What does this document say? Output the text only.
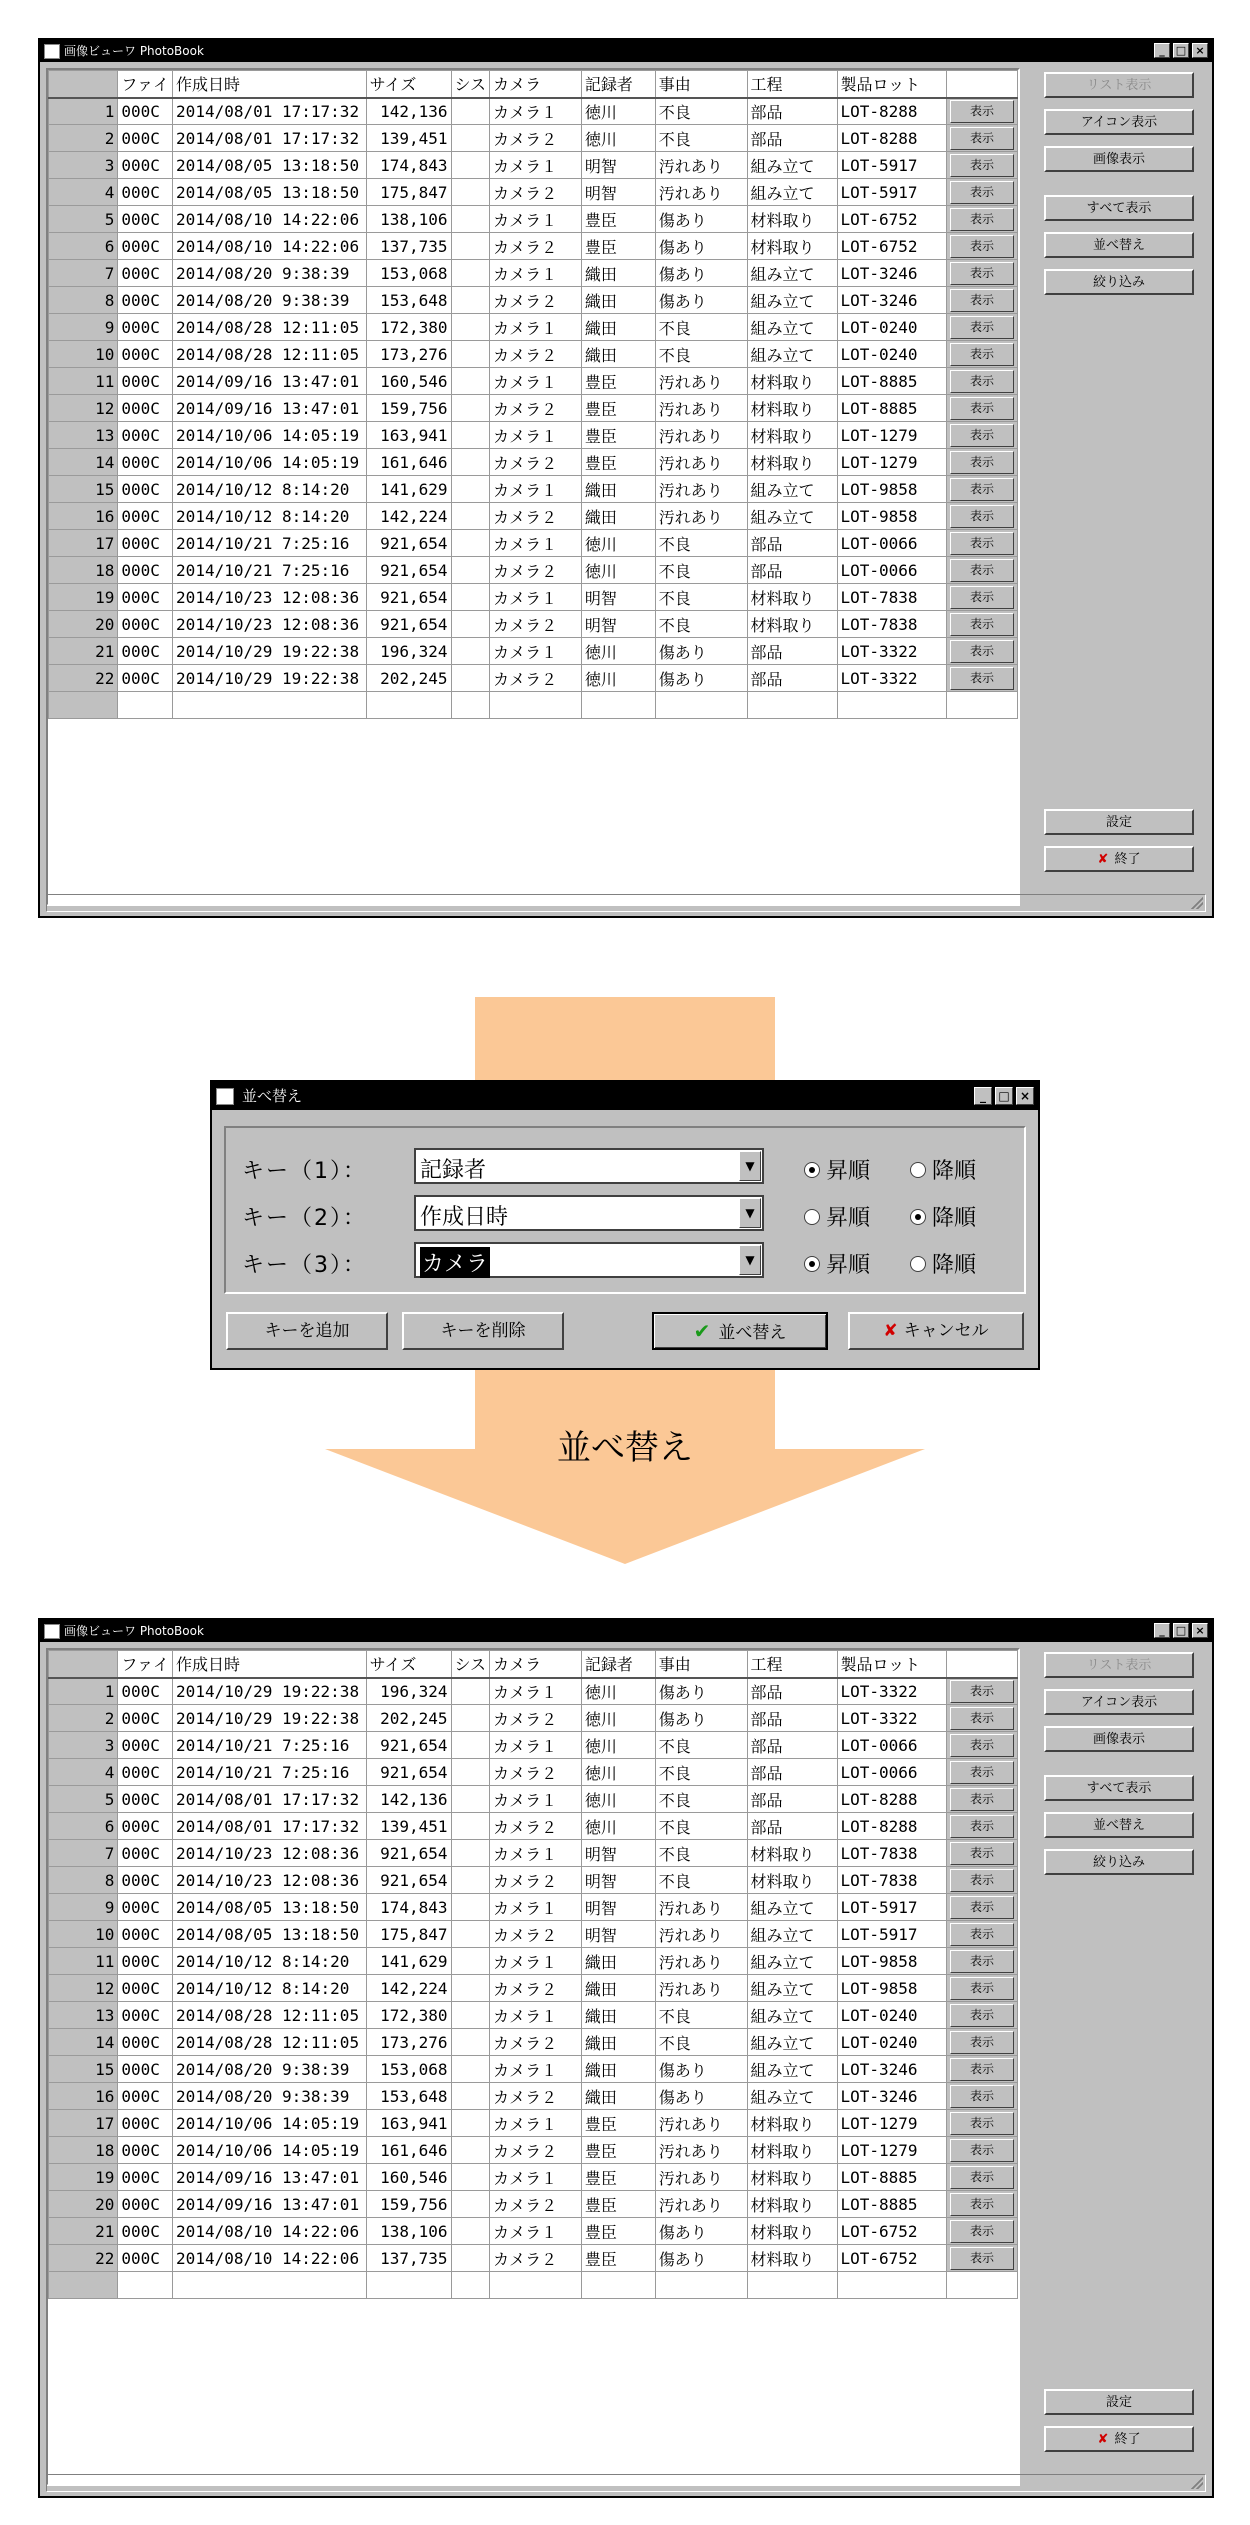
画像ビューワ PhotoBook	_	□ ×
	ファイ	作成日時	サイズ	シス	カメラ	記録者	事由	工程	製品ロット	
1	000C	2014/08/01 17:17:32	142,136		カメラ１	徳川	不良	部品	LOT-8288	表示

2	000C	2014/08/01 17:17:32	139,451		カメラ２	徳川	不良	部品	LOT-8288	表示

3	000C	2014/08/05 13:18:50	174,843		カメラ１	明智	汚れあり	組み立て	LOT-5917	表示

4	000C	2014/08/05 13:18:50	175,847		カメラ２	明智	汚れあり	組み立て	LOT-5917	表示

5	000C	2014/08/10 14:22:06	138,106		カメラ１	豊臣	傷あり	材料取り	LOT-6752	表示

6	000C	2014/08/10 14:22:06	137,735		カメラ２	豊臣	傷あり	材料取り	LOT-6752	表示

7	000C	2014/08/20 9:38:39	153,068		カメラ１	織田	傷あり	組み立て	LOT-3246	表示

8	000C	2014/08/20 9:38:39	153,648		カメラ２	織田	傷あり	組み立て	LOT-3246	表示

9	000C	2014/08/28 12:11:05	172,380		カメラ１	織田	不良	組み立て	LOT-0240	表示

10	000C	2014/08/28 12:11:05	173,276		カメラ２	織田	不良	組み立て	LOT-0240	表示

11	000C	2014/09/16 13:47:01	160,546		カメラ１	豊臣	汚れあり	材料取り	LOT-8885	表示

12	000C	2014/09/16 13:47:01	159,756		カメラ２	豊臣	汚れあり	材料取り	LOT-8885	表示

13	000C	2014/10/06 14:05:19	163,941		カメラ１	豊臣	汚れあり	材料取り	LOT-1279	表示

14	000C	2014/10/06 14:05:19	161,646		カメラ２	豊臣	汚れあり	材料取り	LOT-1279	表示

15	000C	2014/10/12 8:14:20	141,629		カメラ１	織田	汚れあり	組み立て	LOT-9858	表示

16	000C	2014/10/12 8:14:20	142,224		カメラ２	織田	汚れあり	組み立て	LOT-9858	表示

17	000C	2014/10/21 7:25:16	921,654		カメラ１	徳川	不良	部品	LOT-0066	表示

18	000C	2014/10/21 7:25:16	921,654		カメラ２	徳川	不良	部品	LOT-0066	表示

19	000C	2014/10/23 12:08:36	921,654		カメラ１	明智	不良	材料取り	LOT-7838	表示

20	000C	2014/10/23 12:08:36	921,654		カメラ２	明智	不良	材料取り	LOT-7838	表示

21	000C	2014/10/29 19:22:38	196,324		カメラ１	徳川	傷あり	部品	LOT-3322	表示

22	000C	2014/10/29 19:22:38	202,245		カメラ２	徳川	傷あり	部品	LOT-3322	表示

リスト表示
アイコン表示
画像表示
すべて表示
並べ替え
絞り込み
設定
✘ 終了
並べ替え
並べ替え	_	□ ×
キー（1）： 記録者	▼	昇順	降順
キー（2）： 作成日時	▼	昇順	降順
キー（3）：	カメラ	▼	昇順	降順
キーを追加	キーを削除	✔ 並べ替え	✘ キャンセル
画像ビューワ PhotoBook	_	□ ×
	ファイ	作成日時	サイズ	シス	カメラ	記録者	事由	工程	製品ロット	
1	000C	2014/10/29 19:22:38	196,324		カメラ１	徳川	傷あり	部品	LOT-3322	表示

2	000C	2014/10/29 19:22:38	202,245		カメラ２	徳川	傷あり	部品	LOT-3322	表示

3	000C	2014/10/21 7:25:16	921,654		カメラ１	徳川	不良	部品	LOT-0066	表示

4	000C	2014/10/21 7:25:16	921,654		カメラ２	徳川	不良	部品	LOT-0066	表示

5	000C	2014/08/01 17:17:32	142,136		カメラ１	徳川	不良	部品	LOT-8288	表示

6	000C	2014/08/01 17:17:32	139,451		カメラ２	徳川	不良	部品	LOT-8288	表示

7	000C	2014/10/23 12:08:36	921,654		カメラ１	明智	不良	材料取り	LOT-7838	表示

8	000C	2014/10/23 12:08:36	921,654		カメラ２	明智	不良	材料取り	LOT-7838	表示

9	000C	2014/08/05 13:18:50	174,843		カメラ１	明智	汚れあり	組み立て	LOT-5917	表示

10	000C	2014/08/05 13:18:50	175,847		カメラ２	明智	汚れあり	組み立て	LOT-5917	表示

11	000C	2014/10/12 8:14:20	141,629		カメラ１	織田	汚れあり	組み立て	LOT-9858	表示

12	000C	2014/10/12 8:14:20	142,224		カメラ２	織田	汚れあり	組み立て	LOT-9858	表示

13	000C	2014/08/28 12:11:05	172,380		カメラ１	織田	不良	組み立て	LOT-0240	表示

14	000C	2014/08/28 12:11:05	173,276		カメラ２	織田	不良	組み立て	LOT-0240	表示

15	000C	2014/08/20 9:38:39	153,068		カメラ１	織田	傷あり	組み立て	LOT-3246	表示

16	000C	2014/08/20 9:38:39	153,648		カメラ２	織田	傷あり	組み立て	LOT-3246	表示

17	000C	2014/10/06 14:05:19	163,941		カメラ１	豊臣	汚れあり	材料取り	LOT-1279	表示

18	000C	2014/10/06 14:05:19	161,646		カメラ２	豊臣	汚れあり	材料取り	LOT-1279	表示

19	000C	2014/09/16 13:47:01	160,546		カメラ１	豊臣	汚れあり	材料取り	LOT-8885	表示

20	000C	2014/09/16 13:47:01	159,756		カメラ２	豊臣	汚れあり	材料取り	LOT-8885	表示

21	000C	2014/08/10 14:22:06	138,106		カメラ１	豊臣	傷あり	材料取り	LOT-6752	表示

22	000C	2014/08/10 14:22:06	137,735		カメラ２	豊臣	傷あり	材料取り	LOT-6752	表示

リスト表示
アイコン表示
画像表示
すべて表示
並べ替え
絞り込み
設定
✘ 終了
